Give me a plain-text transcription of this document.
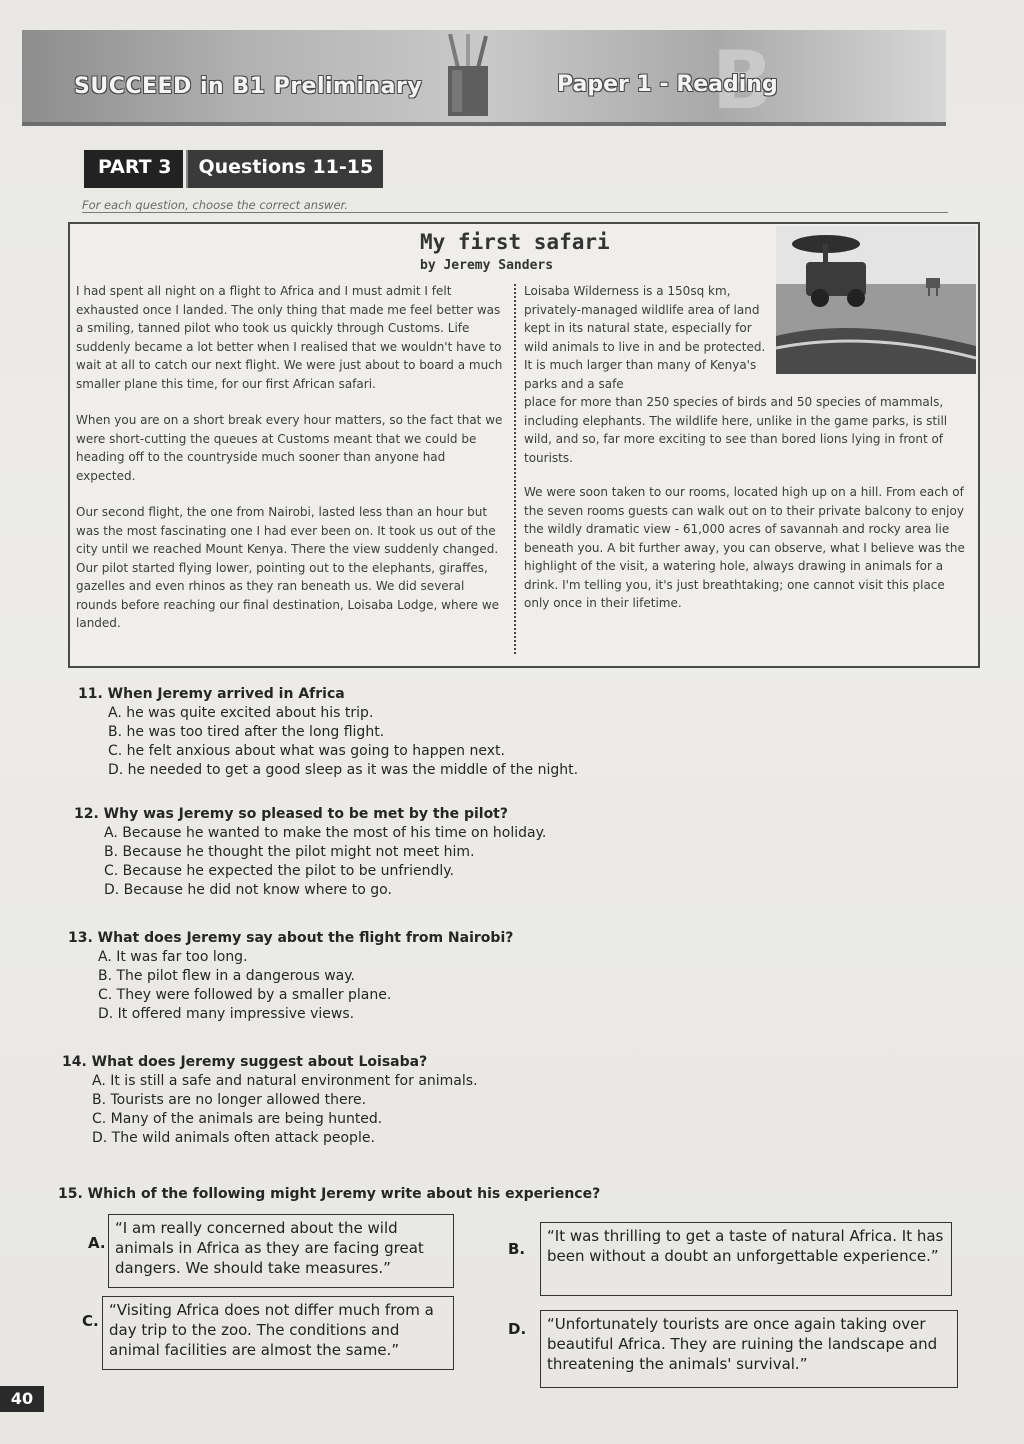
B
SUCCEED in B1 Preliminary	Paper 1 - Reading
PART 3	Questions 11-15
For each question, choose the correct answer.
My first safari
by Jeremy Sanders

I had spent all night on a flight to Africa and I must admit I felt exhausted once I landed. The only thing that made me feel better was a smiling, tanned pilot who took us quickly through Customs. Life suddenly became a lot better when I realised that we wouldn't have to wait at all to catch our next flight. We were just about to board a much smaller plane this time, for our first African safari.

When you are on a short break every hour matters, so the fact that we were short-cutting the queues at Customs meant that we could be heading off to the countryside much sooner than anyone had expected.

Our second flight, the one from Nairobi, lasted less than an hour but was the most fascinating one I had ever been on. It took us out of the city until we reached Mount Kenya. There the view suddenly changed. Our pilot started flying lower, pointing out to the elephants, giraffes, gazelles and even rhinos as they ran beneath us. We did several rounds before reaching our final destination, Loisaba Lodge, where we landed.

Loisaba Wilderness is a 150sq km, privately-managed wildlife area of land kept in its natural state, especially for wild animals to live in and be protected. It is much larger than many of Kenya's parks and a safe
place for more than 250 species of birds and 50 species of mammals, including elephants. The wildlife here, unlike in the game parks, is still wild, and so, far more exciting to see than bored lions lying in front of tourists.

We were soon taken to our rooms, located high up on a hill. From each of the seven rooms guests can walk out on to their private balcony to enjoy the wildly dramatic view - 61,000 acres of savannah and rocky area lie beneath you. A bit further away, you can observe, what I believe was the highlight of the visit, a watering hole, always drawing in animals for a drink. I'm telling you, it's just breathtaking; one cannot visit this place only once in their lifetime.

11. When Jeremy arrived in Africa
A. he was quite excited about his trip.
B. he was too tired after the long flight.
C. he felt anxious about what was going to happen next.
D. he needed to get a good sleep as it was the middle of the night.
12. Why was Jeremy so pleased to be met by the pilot?
A. Because he wanted to make the most of his time on holiday.
B. Because he thought the pilot might not meet him.
C. Because he expected the pilot to be unfriendly.
D. Because he did not know where to go.
13. What does Jeremy say about the flight from Nairobi?
A. It was far too long.
B. The pilot flew in a dangerous way.
C. They were followed by a smaller plane.
D. It offered many impressive views.
14. What does Jeremy suggest about Loisaba?
A. It is still a safe and natural environment for animals.
B. Tourists are no longer allowed there.
C. Many of the animals are being hunted.
D. The wild animals often attack people.
15. Which of the following might Jeremy write about his experience?
A.
“I am really concerned about the wild animals in Africa as they are facing great dangers. We should take measures.”
B.
“It was thrilling to get a taste of natural Africa. It has been without a doubt an unforgettable experience.”
C.
“Visiting Africa does not differ much from a day trip to the zoo. The conditions and animal facilities are almost the same.”
D.	“Unfortunately tourists are once again taking over beautiful Africa. They are ruining the landscape and threatening the animals' survival.”
40
